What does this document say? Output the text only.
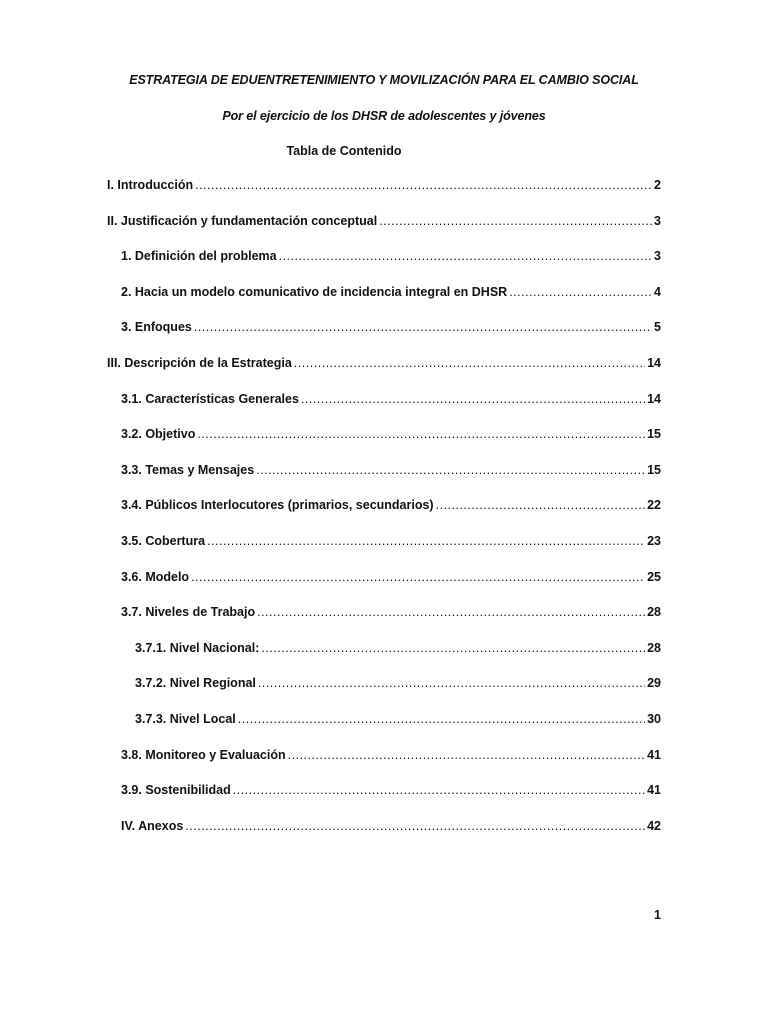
ESTRATEGIA DE EDUENTRETENIMIENTO Y MOVILIZACIÓN PARA EL CAMBIO SOCIAL
Por el ejercicio de los DHSR de adolescentes y jóvenes
Tabla de Contenido
I. Introducción .....	2
II. Justificación y fundamentación conceptual .....	3
1. Definición del problema .....	3
2. Hacia un modelo comunicativo de incidencia integral en DHSR .....	4
3. Enfoques .....	5
III. Descripción de la Estrategia .....	14
3.1. Características Generales .....	14
3.2. Objetivo .....	15
3.3. Temas y Mensajes .....	15
3.4. Públicos Interlocutores (primarios, secundarios) .....	22
3.5. Cobertura .....	23
3.6. Modelo .....	25
3.7. Niveles de Trabajo .....	28
3.7.1. Nivel Nacional: .....	28
3.7.2. Nivel Regional .....	29
3.7.3. Nivel Local .....	30
3.8. Monitoreo y Evaluación .....	41
3.9. Sostenibilidad .....	41
IV. Anexos .....	42
1
